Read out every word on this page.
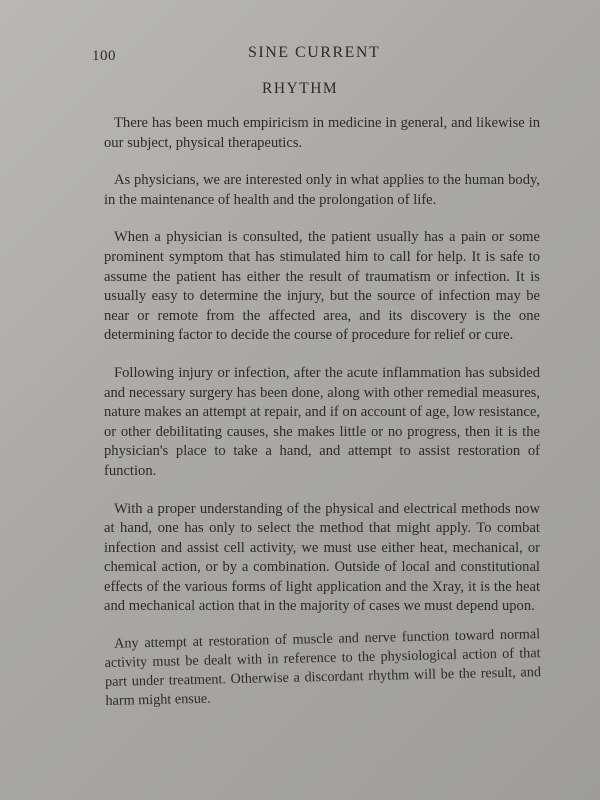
100	SINE CURRENT
RHYTHM

There has been much empiricism in medicine in general, and likewise in our subject, physical therapeutics.

As physicians, we are interested only in what applies to the human body, in the maintenance of health and the prolongation of life.

When a physician is consulted, the patient usually has a pain or some prominent symptom that has stimulated him to call for help. It is safe to assume the patient has either the result of traumatism or infection. It is usually easy to determine the injury, but the source of infection may be near or remote from the affected area, and its discovery is the one determining factor to decide the course of procedure for relief or cure.

Following injury or infection, after the acute inflammation has subsided and necessary surgery has been done, along with other remedial measures, nature makes an attempt at repair, and if on account of age, low resistance, or other debilitating causes, she makes little or no progress, then it is the physician's place to take a hand, and attempt to assist restoration of function.

With a proper understanding of the physical and electrical methods now at hand, one has only to select the method that might apply. To combat infection and assist cell activity, we must use either heat, mechanical, or chemical action, or by a combination. Outside of local and constitutional effects of the various forms of light application and the Xray, it is the heat and mechanical action that in the majority of cases we must depend upon.

Any attempt at restoration of muscle and nerve function toward normal activity must be dealt with in reference to the physiological action of that part under treatment. Otherwise a discordant rhythm will be the result, and harm might ensue.
